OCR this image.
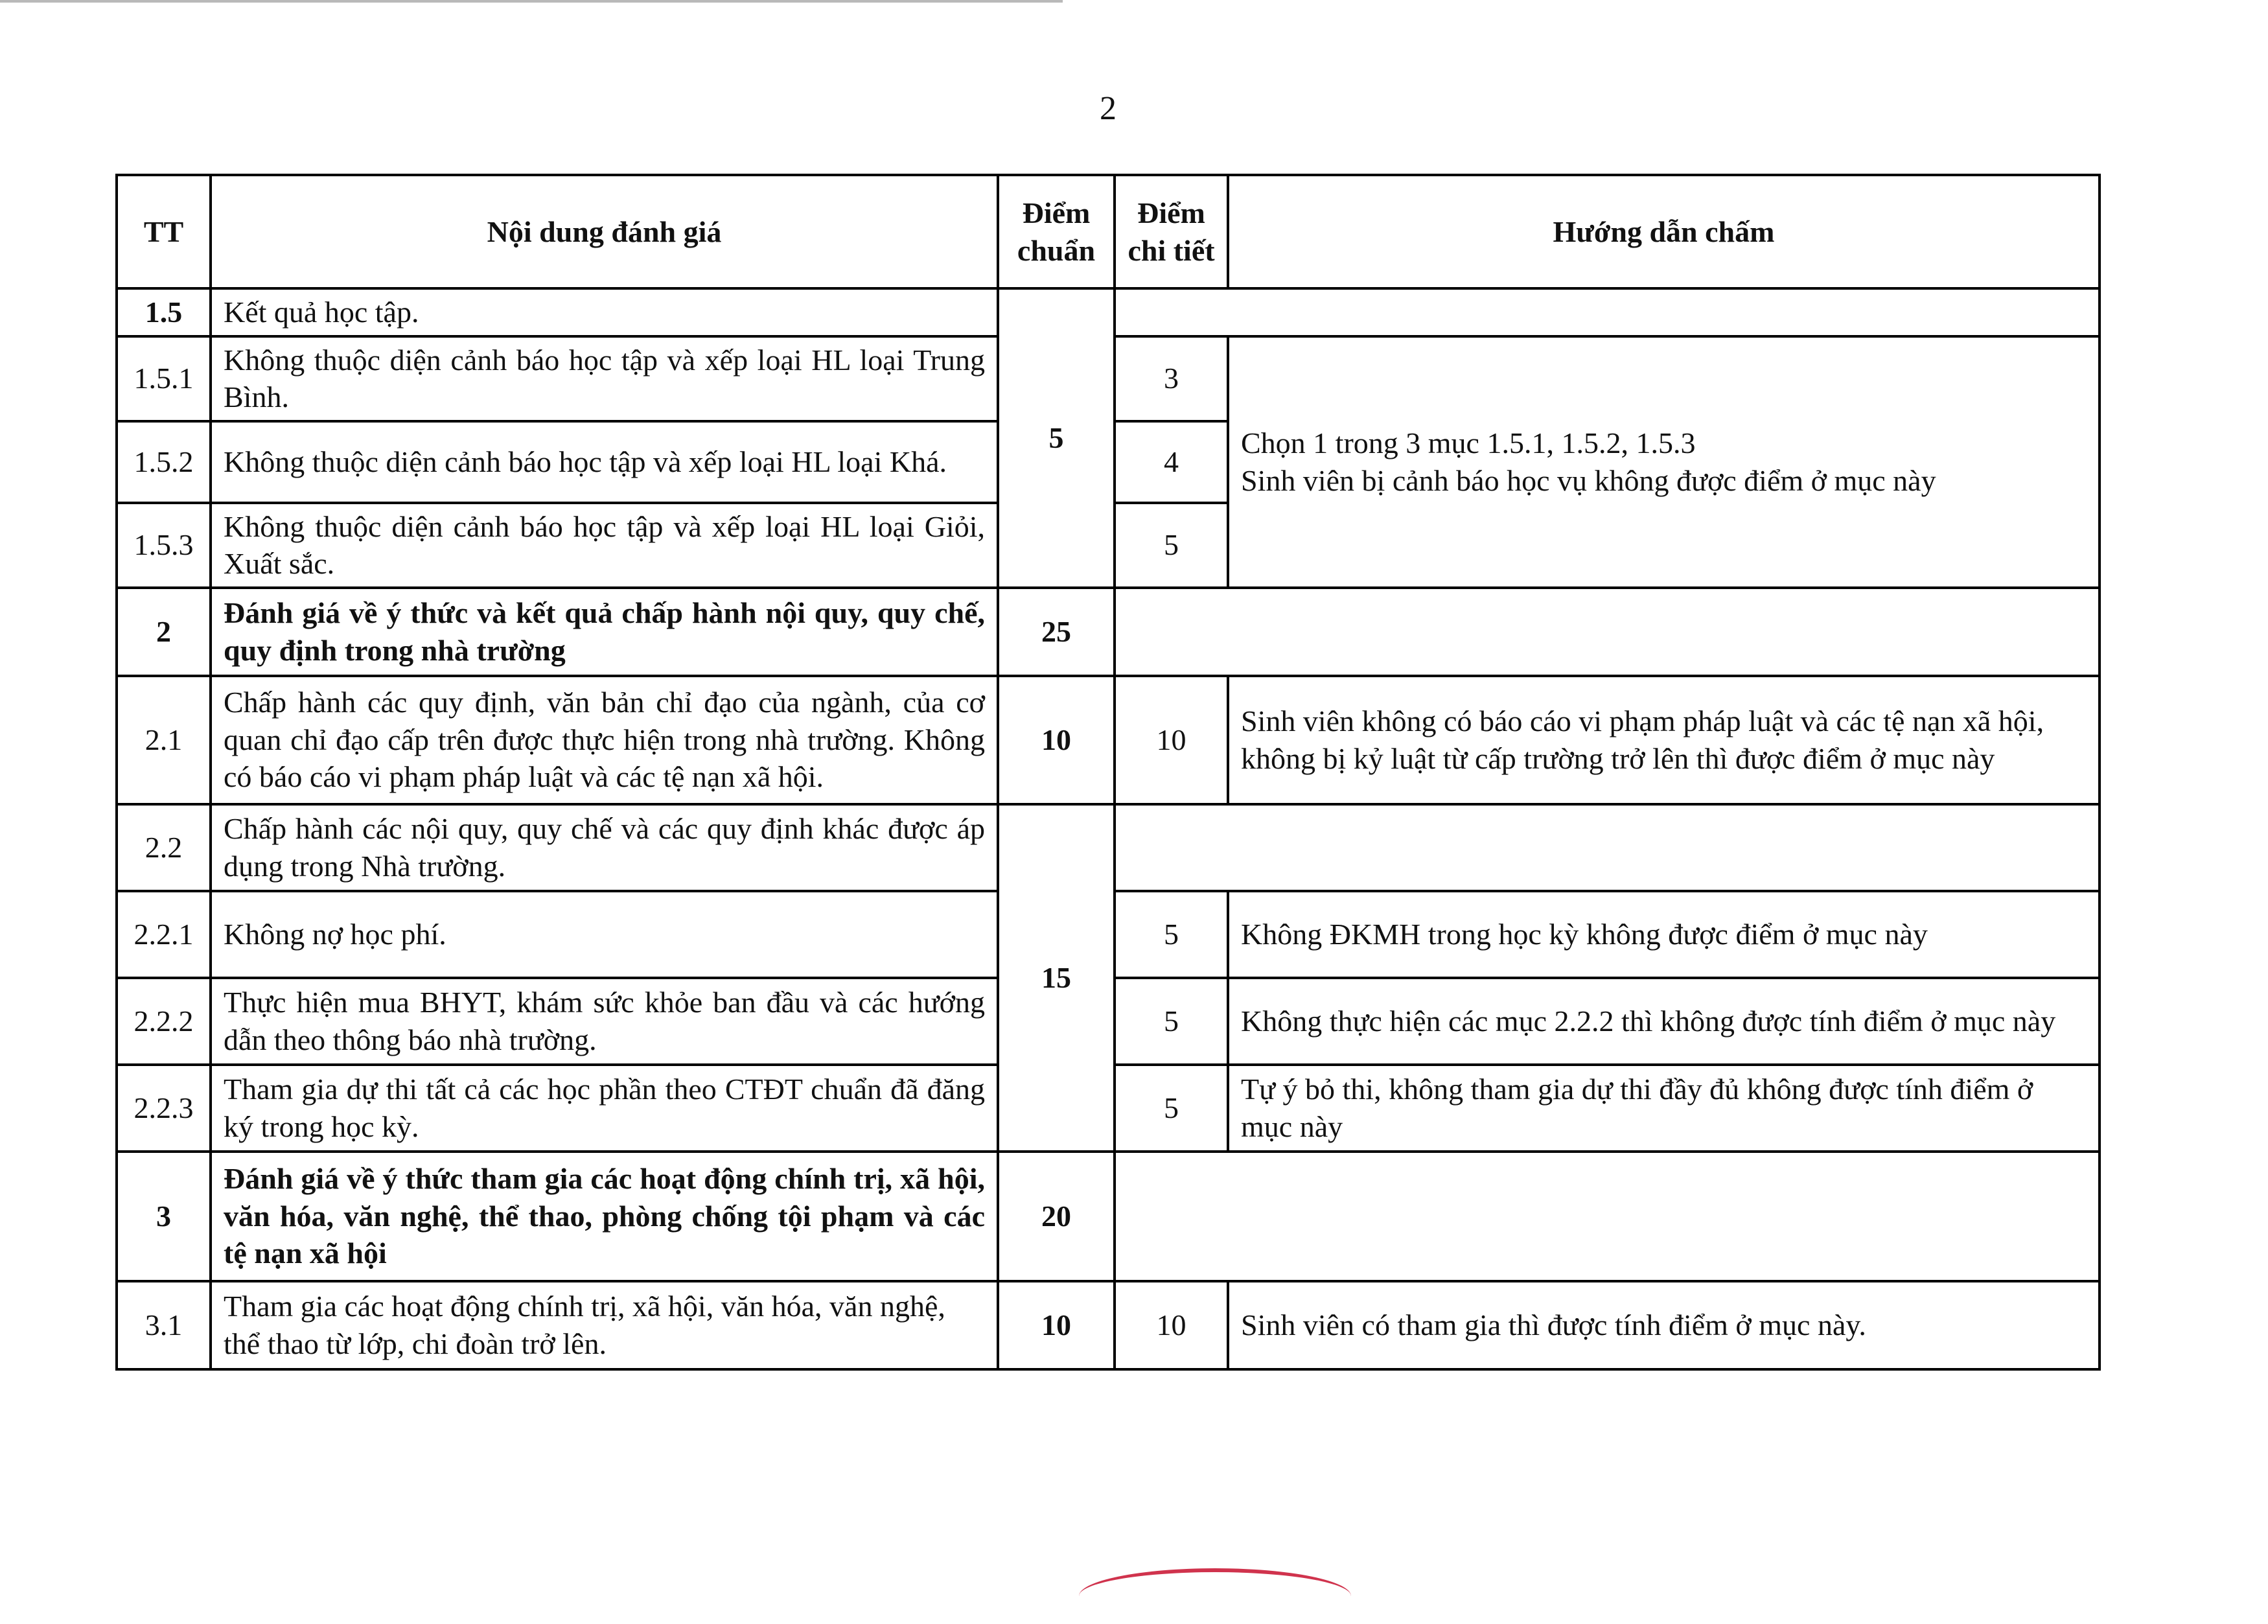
2
TT	Nội dung đánh giá	Điểm chuẩn	Điểm chi tiết	Hướng dẫn chấm
1.5	Kết quả học tập.	5		
1.5.1	Không thuộc diện cảnh báo học tập và xếp loại HL loại Trung Bình.		3	Chọn 1 trong 3 mục 1.5.1, 1.5.2, 1.5.3
Sinh viên bị cảnh báo học vụ không được điểm ở mục này

1.5.2	Không thuộc diện cảnh báo học tập và xếp loại HL loại Khá.		4	
1.5.3	Không thuộc diện cảnh báo học tập và xếp loại HL loại Giỏi, Xuất sắc.		5	
2	Đánh giá về ý thức và kết quả chấp hành nội quy, quy chế, quy định trong nhà trường	25		
2.1	Chấp hành các quy định, văn bản chỉ đạo của ngành, của cơ quan chỉ đạo cấp trên được thực hiện trong nhà trường. Không có báo cáo vi phạm pháp luật và các tệ nạn xã hội.	10	10	Sinh viên không có báo cáo vi phạm pháp luật và các tệ nạn xã hội, không bị kỷ luật từ cấp trường trở lên thì được điểm ở mục này
2.2	Chấp hành các nội quy, quy chế và các quy định khác được áp dụng trong Nhà trường.	15		
2.2.1	Không nợ học phí.		5	Không ĐKMH trong học kỳ không được điểm ở mục này
2.2.2	Thực hiện mua BHYT, khám sức khỏe ban đầu và các hướng dẫn theo thông báo nhà trường.		5	Không thực hiện các mục 2.2.2 thì không được tính điểm ở mục này
2.2.3	Tham gia dự thi tất cả các học phần theo CTĐT chuẩn đã đăng ký trong học kỳ.		5	Tự ý bỏ thi, không tham gia dự thi đầy đủ không được tính điểm ở mục này
3	Đánh giá về ý thức tham gia các hoạt động chính trị, xã hội, văn hóa, văn nghệ, thể thao, phòng chống tội phạm và các tệ nạn xã hội	20		
3.1	Tham gia các hoạt động chính trị, xã hội, văn hóa, văn nghệ, thể thao từ lớp, chi đoàn trở lên.	10	10	Sinh viên có tham gia thì được tính điểm ở mục này.
